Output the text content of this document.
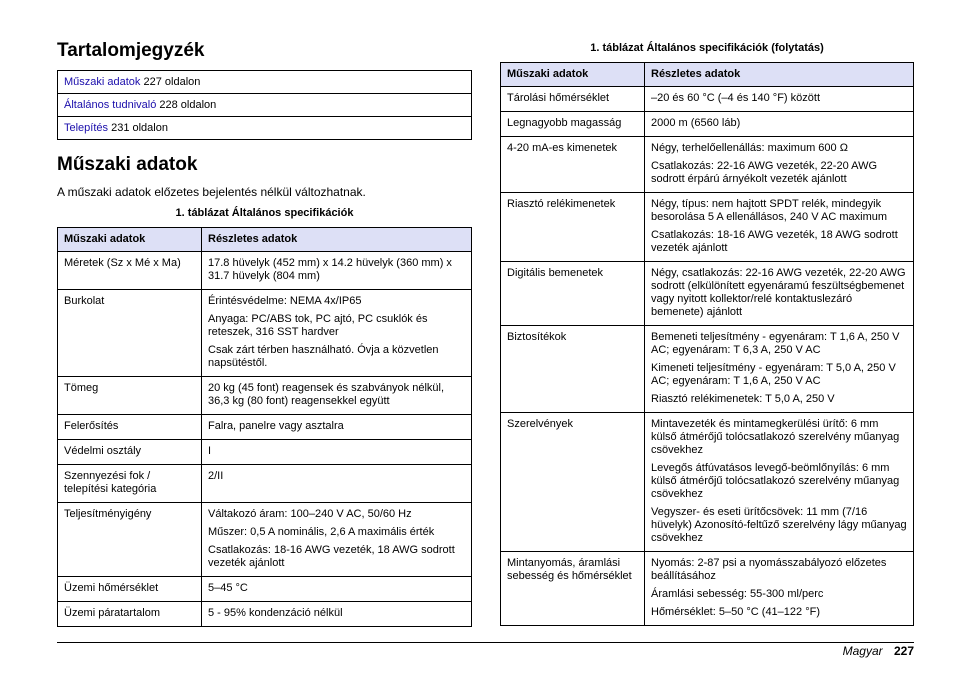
Tartalomjegyzék
Műszaki adatok 227 oldalon
Általános tudnivaló 228 oldalon
Telepítés 231 oldalon
Műszaki adatok

A műszaki adatok előzetes bejelentés nélkül változhatnak.

1. táblázat Általános specifikációk

Műszaki adatok	Részletes adatok
Méretek (Sz x Mé x Ma)	17.8 hüvelyk (452 mm) x 14.2 hüvelyk (360 mm) x 31.7 hüvelyk (804 mm)

Burkolat	Érintésvédelme: NEMA 4x/IP65
Anyaga: PC/ABS tok, PC ajtó, PC csuklók és reteszek, 316 SST hardver
Csak zárt térben használható. Óvja a közvetlen napsütéstől.

Tömeg	20 kg (45 font) reagensek és szabványok nélkül, 36,3 kg (80 font) reagensekkel együtt

Felerősítés	Falra, panelre vagy asztalra

Védelmi osztály	I

Szennyezési fok / telepítési kategória	2/II

Teljesítményigény	Váltakozó áram: 100–240 V AC, 50/60 Hz
Műszer: 0,5 A nominális, 2,6 A maximális érték
Csatlakozás: 18-16 AWG vezeték, 18 AWG sodrott vezeték ajánlott

Üzemi hőmérséklet	5–45 °C

Üzemi páratartalom	5 - 95% kondenzáció nélkül

1. táblázat Általános specifikációk (folytatás)

Műszaki adatok	Részletes adatok
Tárolási hőmérséklet	–20 és 60 °C (–4 és 140 °F) között

Legnagyobb magasság	2000 m (6560 láb)

4-20 mA-es kimenetek	Négy, terhelőellenállás: maximum 600 Ω
Csatlakozás: 22-16 AWG vezeték, 22-20 AWG sodrott érpárú árnyékolt vezeték ajánlott

Riasztó relékimenetek	Négy, típus: nem hajtott SPDT relék, mindegyik besorolása 5 A ellenállásos, 240 V AC maximum
Csatlakozás: 18-16 AWG vezeték, 18 AWG sodrott vezeték ajánlott

Digitális bemenetek	Négy, csatlakozás: 22-16 AWG vezeték, 22-20 AWG sodrott (elkülönített egyenáramú feszültségbemenet vagy nyitott kollektor/relé kontaktuslezáró bemenete) ajánlott

Biztosítékok	Bemeneti teljesítmény - egyenáram: T 1,6 A, 250 V AC; egyenáram: T 6,3 A, 250 V AC
Kimeneti teljesítmény - egyenáram: T 5,0 A, 250 V AC; egyenáram: T 1,6 A, 250 V AC
Riasztó relékimenetek: T 5,0 A, 250 V

Szerelvények	Mintavezeték és mintamegkerülési ürítő: 6 mm külső átmérőjű tolócsatlakozó szerelvény műanyag csövekhez
Levegős átfúvatásos levegő-beömlőnyílás: 6 mm külső átmérőjű tolócsatlakozó szerelvény műanyag csövekhez
Vegyszer- és eseti ürítőcsövek: 11 mm (7/16 hüvelyk) Azonosító-feltűző szerelvény lágy műanyag csövekhez

Mintanyomás, áramlási sebesség és hőmérséklet	Nyomás: 2-87 psi a nyomásszabályozó előzetes beállításához
Áramlási sebesség: 55-300 ml/perc
Hőmérséklet: 5–50 °C (41–122 °F)
Magyar 227
